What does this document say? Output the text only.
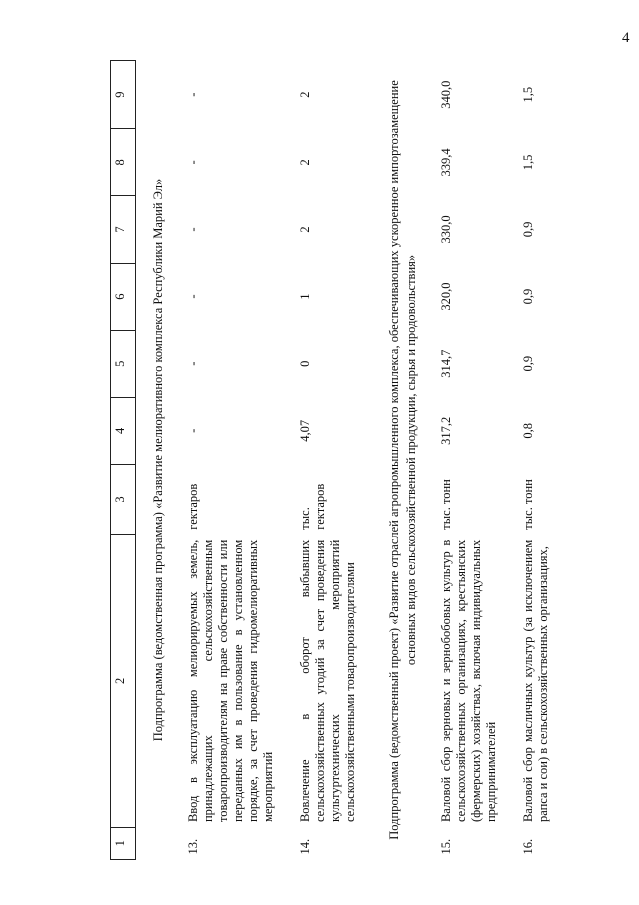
4
1	2	3	4	5	6	7	8	9
Подпрограмма (ведомственная программа) «Развитие мелиоративного комплекса Республики Марий Эл»								
13.	Ввод в эксплуатацию мелиорируемых земель, принадлежащих сельскохозяйственным товаропроизводителям на праве собственности или переданных им в пользование в установленном порядке, за счет проведения гидромелиоративных мероприятий	гектаров	-	-	-	-	-	-
14.	Вовлечение в оборот выбывших сельскохозяйственных угодий за счет проведения культуртехнических мероприятий сельскохозяйственными товаропроизводителями	тыс. гектаров	4,07	0	1	2	2	2
Подпрограмма (ведомственный проект) «Развитие отраслей агропромышленного комплекса, обеспечивающих ускоренное импортозамещение основных видов сельскохозяйственной продукции, сырья и продовольствия»								
15.	Валовой сбор зерновых и зернобобовых культур в сельскохозяйственных организациях, крестьянских (фермерских) хозяйствах, включая индивидуальных предпринимателей	тыс. тонн	317,2	314,7	320,0	330,0	339,4	340,0
16.	Валовой сбор масличных культур (за исключением рапса и сои) в сельскохозяйственных организациях,	тыс. тонн	0,8	0,9	0,9	0,9	1,5	1,5
